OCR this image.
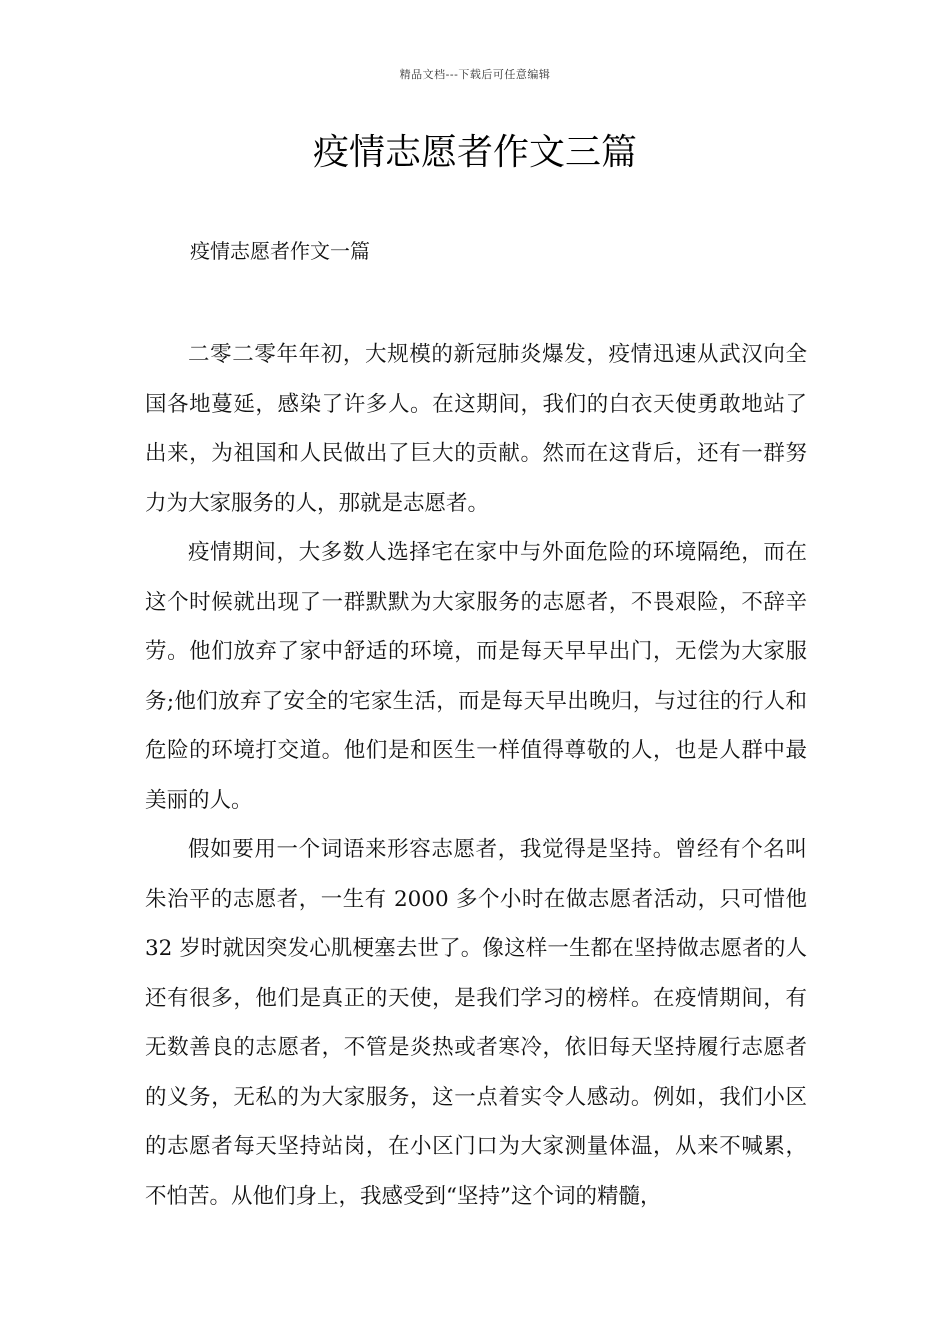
精品文档---下载后可任意编辑
疫情志愿者作文三篇
疫情志愿者作文一篇

二零二零年年初，大规模的新冠肺炎爆发，疫情迅速从武汉向全国各地蔓延，感染了许多人。在这期间，我们的白衣天使勇敢地站了出来，为祖国和人民做出了巨大的贡献。然而在这背后，还有一群努力为大家服务的人，那就是志愿者。

疫情期间，大多数人选择宅在家中与外面危险的环境隔绝，而在这个时候就出现了一群默默为大家服务的志愿者，不畏艰险，不辞辛劳。他们放弃了家中舒适的环境，而是每天早早出门，无偿为大家服务;他们放弃了安全的宅家生活，而是每天早出晚归，与过往的行人和危险的环境打交道。他们是和医生一样值得尊敬的人，也是人群中最美丽的人。

假如要用一个词语来形容志愿者，我觉得是坚持。曾经有个名叫朱治平的志愿者，一生有 2000 多个小时在做志愿者活动，只可惜他 32 岁时就因突发心肌梗塞去世了。像这样一生都在坚持做志愿者的人还有很多，他们是真正的天使，是我们学习的榜样。在疫情期间，有无数善良的志愿者，不管是炎热或者寒冷，依旧每天坚持履行志愿者的义务，无私的为大家服务，这一点着实令人感动。例如，我们小区的志愿者每天坚持站岗，在小区门口为大家测量体温，从来不喊累，不怕苦。从他们身上，我感受到“坚持”这个词的精髓，
